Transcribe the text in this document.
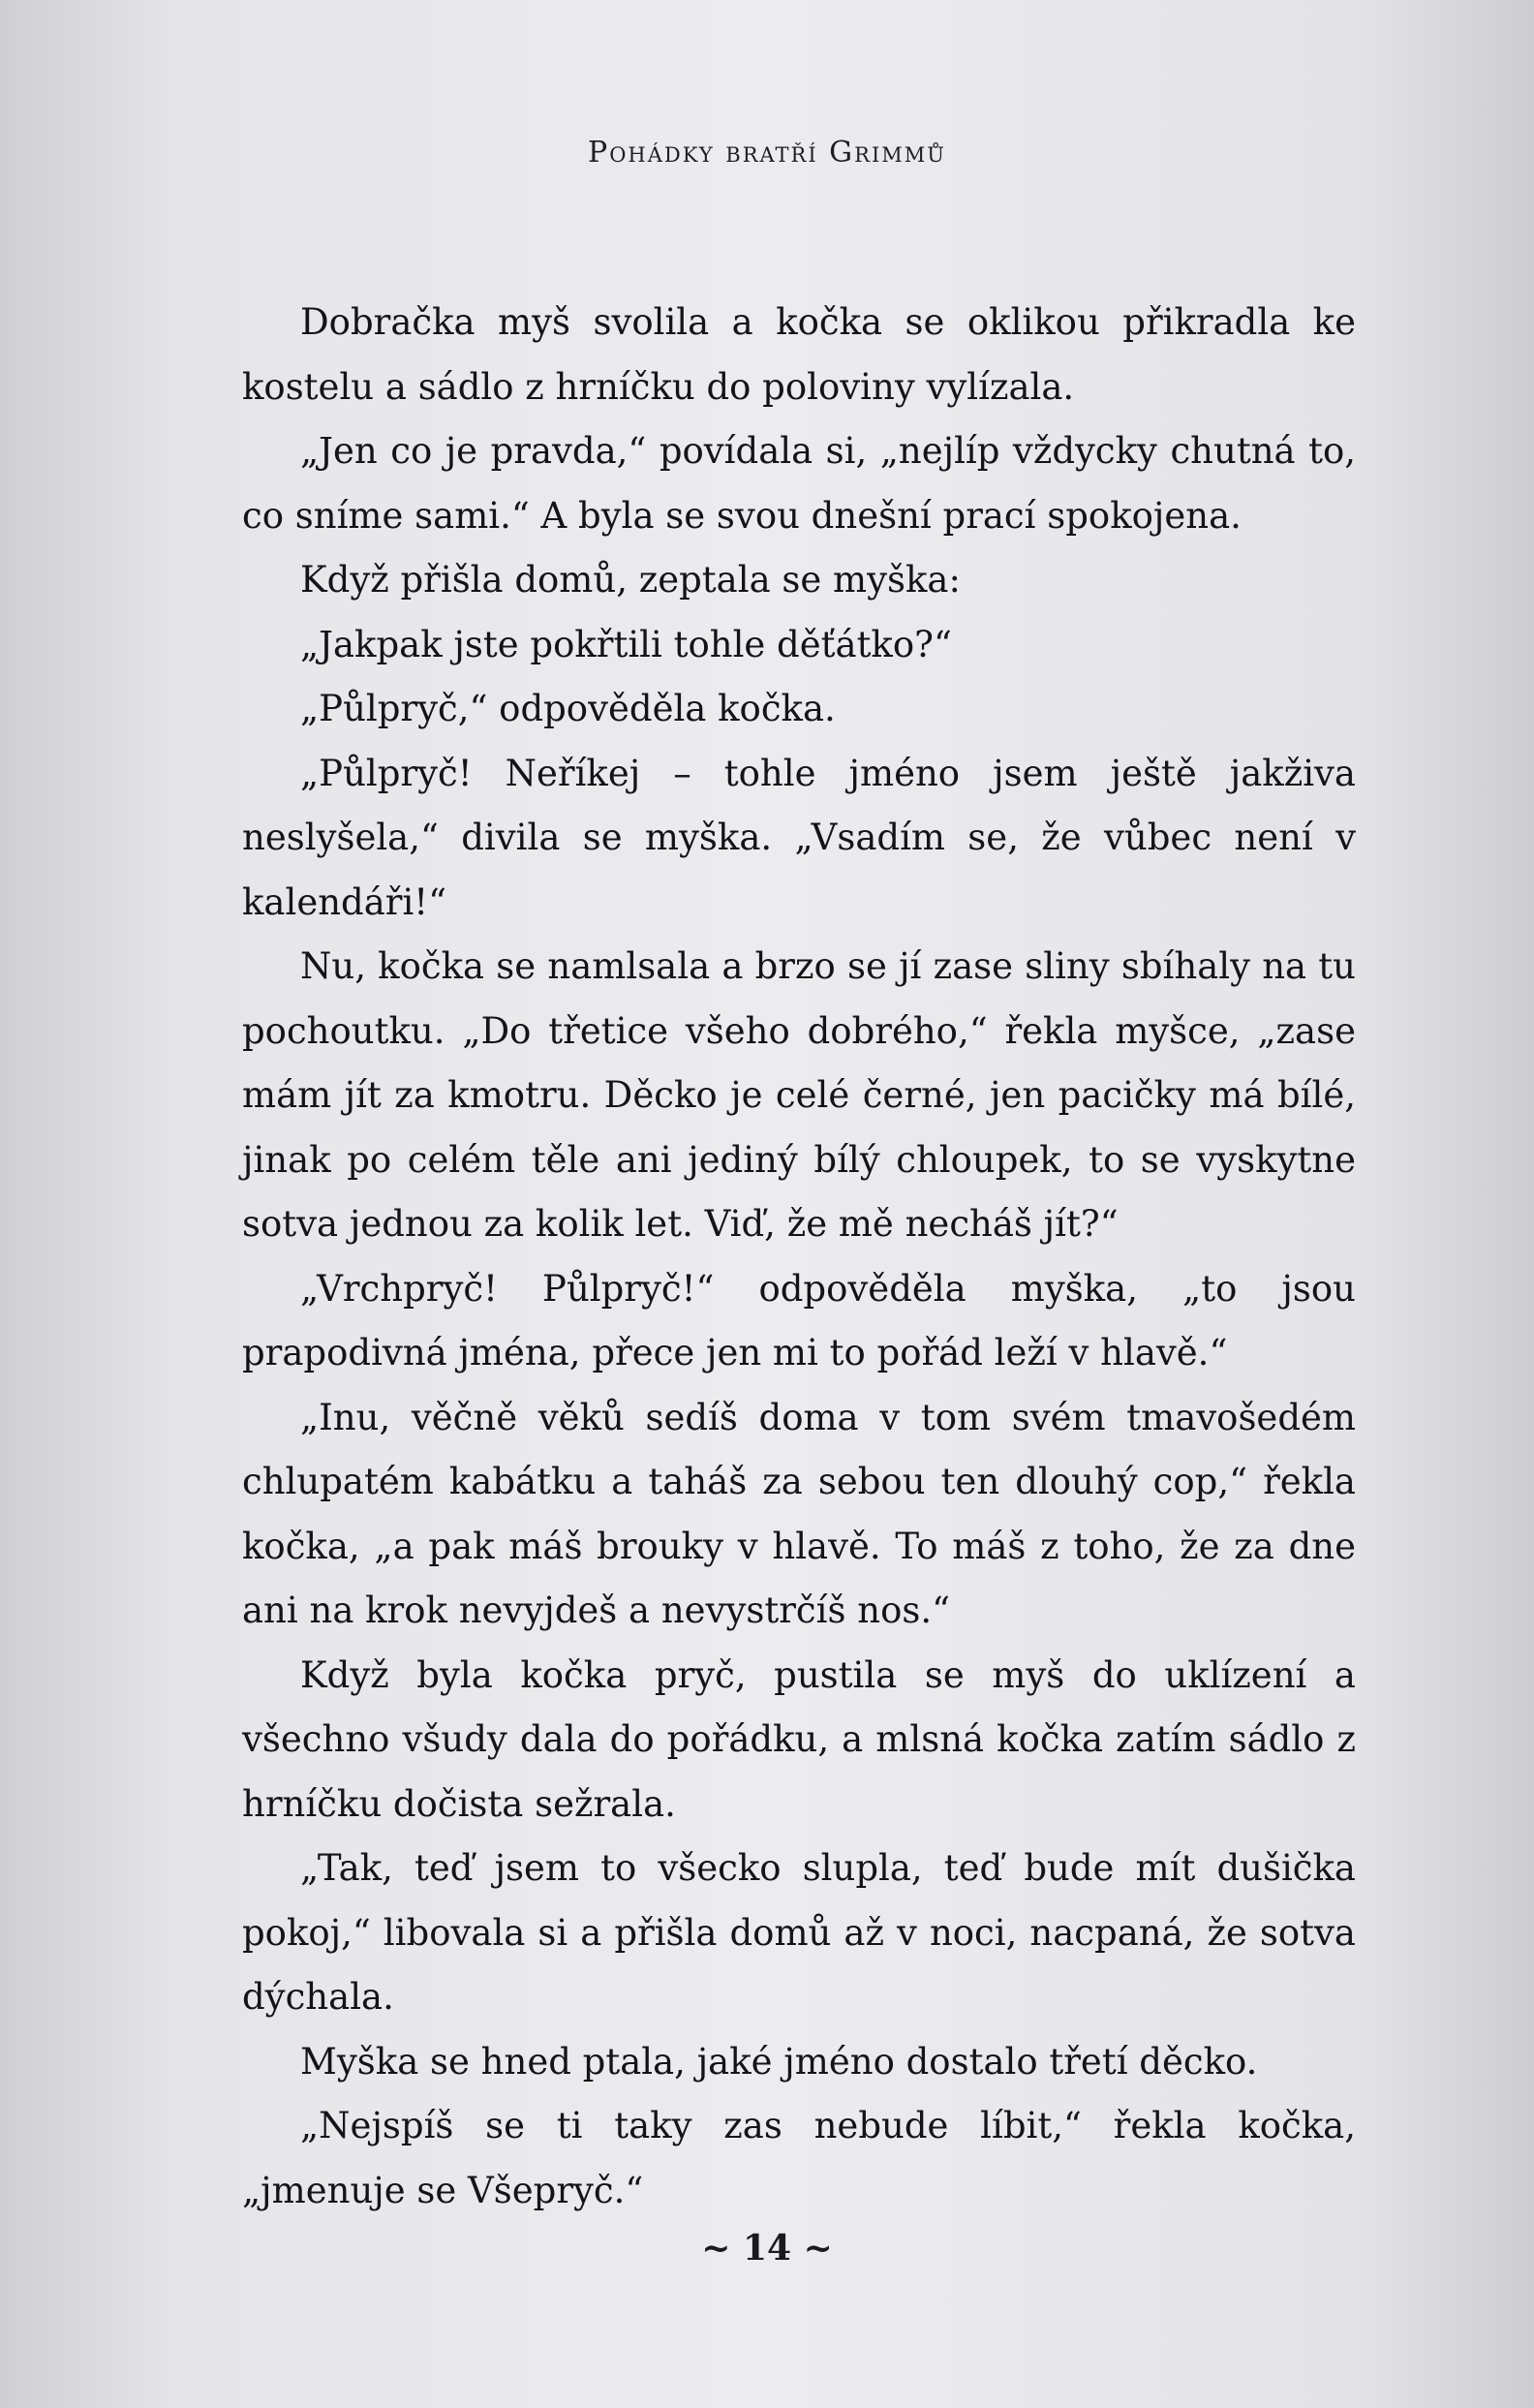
Pohádky bratří Grimmů

Dobračka myš svolila a kočka se oklikou přikradla ke kostelu a sádlo z hrníčku do poloviny vylízala.

„Jen co je pravda,“ povídala si, „nejlíp vždycky chutná to, co sníme sami.“ A byla se svou dnešní prací spokojena.

Když přišla domů, zeptala se myška:

„Jakpak jste pokřtili tohle děťátko?“

„Půlpryč,“ odpověděla kočka.

„Půlpryč! Neříkej – tohle jméno jsem ještě jakživa neslyšela,“ divila se myška. „Vsadím se, že vůbec není v kalendáři!“

Nu, kočka se namlsala a brzo se jí zase sliny sbíhaly na tu pochoutku. „Do třetice všeho dobrého,“ řekla myšce, „zase mám jít za kmotru. Děcko je celé černé, jen pacičky má bílé, jinak po celém těle ani jediný bílý chloupek, to se vyskytne sotva jednou za kolik let. Viď, že mě necháš jít?“

„Vrchpryč! Půlpryč!“ odpověděla myška, „to jsou prapodivná jména, přece jen mi to pořád leží v hlavě.“

„Inu, věčně věků sedíš doma v tom svém tmavošedém chlupatém kabátku a taháš za sebou ten dlouhý cop,“ řekla kočka, „a pak máš brouky v hlavě. To máš z toho, že za dne ani na krok nevyjdeš a nevystrčíš nos.“

Když byla kočka pryč, pustila se myš do uklízení a všechno všudy dala do pořádku, a mlsná kočka zatím sádlo z hrníčku dočista sežrala.

„Tak, teď jsem to všecko slupla, teď bude mít dušička pokoj,“ libovala si a přišla domů až v noci, nacpaná, že sotva dýchala.

Myška se hned ptala, jaké jméno dostalo třetí děcko.

„Nejspíš se ti taky zas nebude líbit,“ řekla kočka, „jmenuje se Všepryč.“

~ 14 ~
